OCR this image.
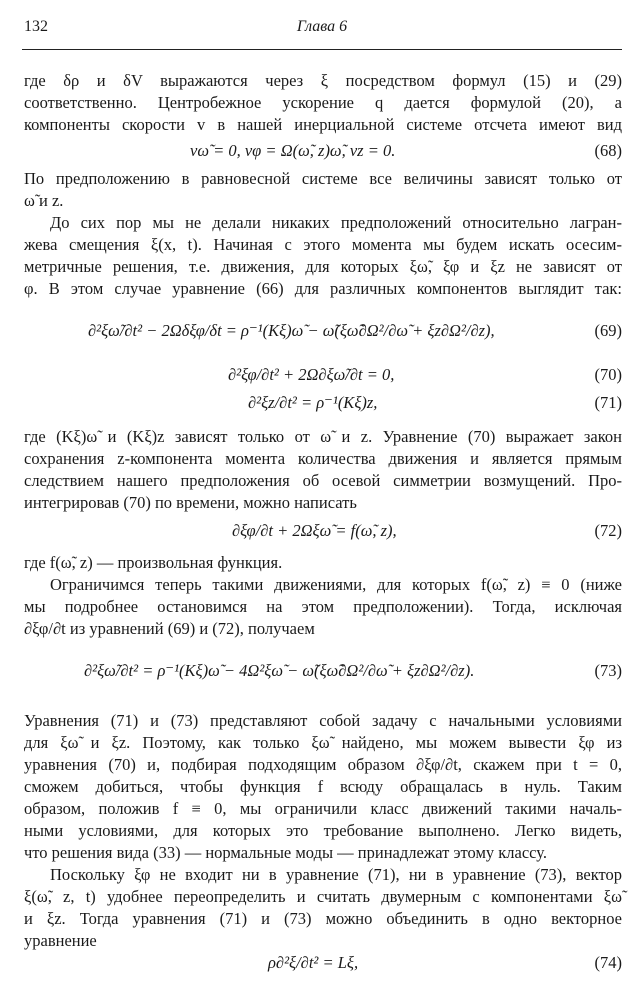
132	Глава 6
где δρ и δV выражаются через ξ посредством формул (15) и (29)
соответственно. Центробежное ускорение q дается формулой (20), а
компоненты скорости v в нашей инерциальной системе отсчета имеют вид
vω̃ = 0, vφ = Ω(ω̃, z)ω̃, vz = 0.	(68)
По предположению в равновесной системе все величины зависят только от
ω̃ и z.
До сих пор мы не делали никаких предположений относительно лагран-
жева смещения ξ(x, t). Начиная с этого момента мы будем искать осесим-
метричные решения, т.е. движения, для которых ξω̃, ξφ и ξz не зависят от
φ. В этом случае уравнение (66) для различных компонентов выглядит так:
∂²ξω̃/∂t² − 2Ωδξφ/δt = ρ⁻¹(Kξ)ω̃ − ω̃(ξω̃∂Ω²/∂ω̃ + ξz∂Ω²/∂z),	(69)
∂²ξφ/∂t² + 2Ω∂ξω̃/∂t = 0,	(70)
∂²ξz/∂t² = ρ⁻¹(Kξ)z,	(71)
где (Kξ)ω̃ и (Kξ)z зависят только от ω̃ и z. Уравнение (70) выражает закон
сохранения z-компонента момента количества движения и является прямым
следствием нашего предположения об осевой симметрии возмущений. Про-
интегрировав (70) по времени, можно написать
∂ξφ/∂t + 2Ωξω̃ = f(ω̃, z),	(72)
где f(ω̃, z) — произвольная функция.
Ограничимся теперь такими движениями, для которых f(ω̃, z) ≡ 0 (ниже
мы подробнее остановимся на этом предположении). Тогда, исключая
∂ξφ/∂t из уравнений (69) и (72), получаем
∂²ξω̃/∂t² = ρ⁻¹(Kξ)ω̃ − 4Ω²ξω̃ − ω̃(ξω̃∂Ω²/∂ω̃ + ξz∂Ω²/∂z).	(73)
Уравнения (71) и (73) представляют собой задачу с начальными условиями
для ξω̃ и ξz. Поэтому, как только ξω̃ найдено, мы можем вывести ξφ из
уравнения (70) и, подбирая подходящим образом ∂ξφ/∂t, скажем при t = 0,
сможем добиться, чтобы функция f всюду обращалась в нуль. Таким
образом, положив f ≡ 0, мы ограничили класс движений такими началь-
ными условиями, для которых это требование выполнено. Легко видеть,
что решения вида (33) — нормальные моды — принадлежат этому классу.
Поскольку ξφ не входит ни в уравнение (71), ни в уравнение (73), вектор
ξ(ω̃, z, t) удобнее переопределить и считать двумерным с компонентами ξω̃
и ξz. Тогда уравнения (71) и (73) можно объединить в одно векторное
уравнение
ρ∂²ξ/∂t² = Lξ,	(74)
